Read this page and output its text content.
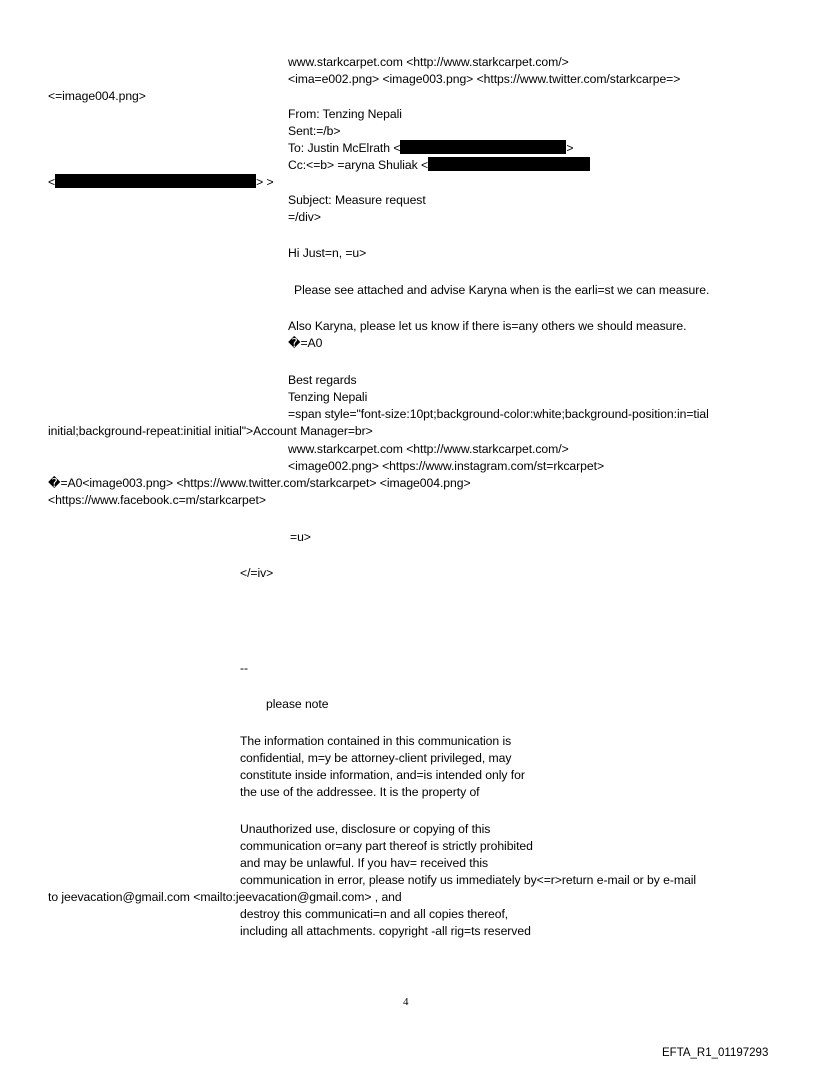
www.starkcarpet.com <http://www.starkcarpet.com/>
<ima=e002.png> <image003.png> <https://www.twitter.com/starkcarpe=>
<=image004.png>
From: Tenzing Nepali
Sent:=/b>
To: Justin McElrath <	>
Cc:<=b> =aryna Shuliak <
<	> >
Subject: Measure request
=/div>
Hi Just=n, =u>
Please see attached and advise Karyna when is the earli=st we can measure.
Also Karyna, please let us know if there is=any others we should measure.
�=A0
Best regards
Tenzing Nepali
=span style="font-size:10pt;background-color:white;background-position:in=tial
initial;background-repeat:initial initial">Account Manager=br>
www.starkcarpet.com <http://www.starkcarpet.com/>
<image002.png> <https://www.instagram.com/st=rkcarpet>
�=A0<image003.png> <https://www.twitter.com/starkcarpet> <image004.png>
<https://www.facebook.c=m/starkcarpet>
=u>
</=iv>
--
please note
The information contained in this communication is
confidential, m=y be attorney-client privileged, may
constitute inside information, and=is intended only for
the use of the addressee. It is the property of
Unauthorized use, disclosure or copying of this
communication or=any part thereof is strictly prohibited
and may be unlawful. If you hav= received this
communication in error, please notify us immediately by<=r>return e-mail or by e-mail
to jeevacation@gmail.com <mailto:jeevacation@gmail.com> , and
destroy this communicati=n and all copies thereof,
including all attachments. copyright -all rig=ts reserved
4
EFTA_R1_01197293
